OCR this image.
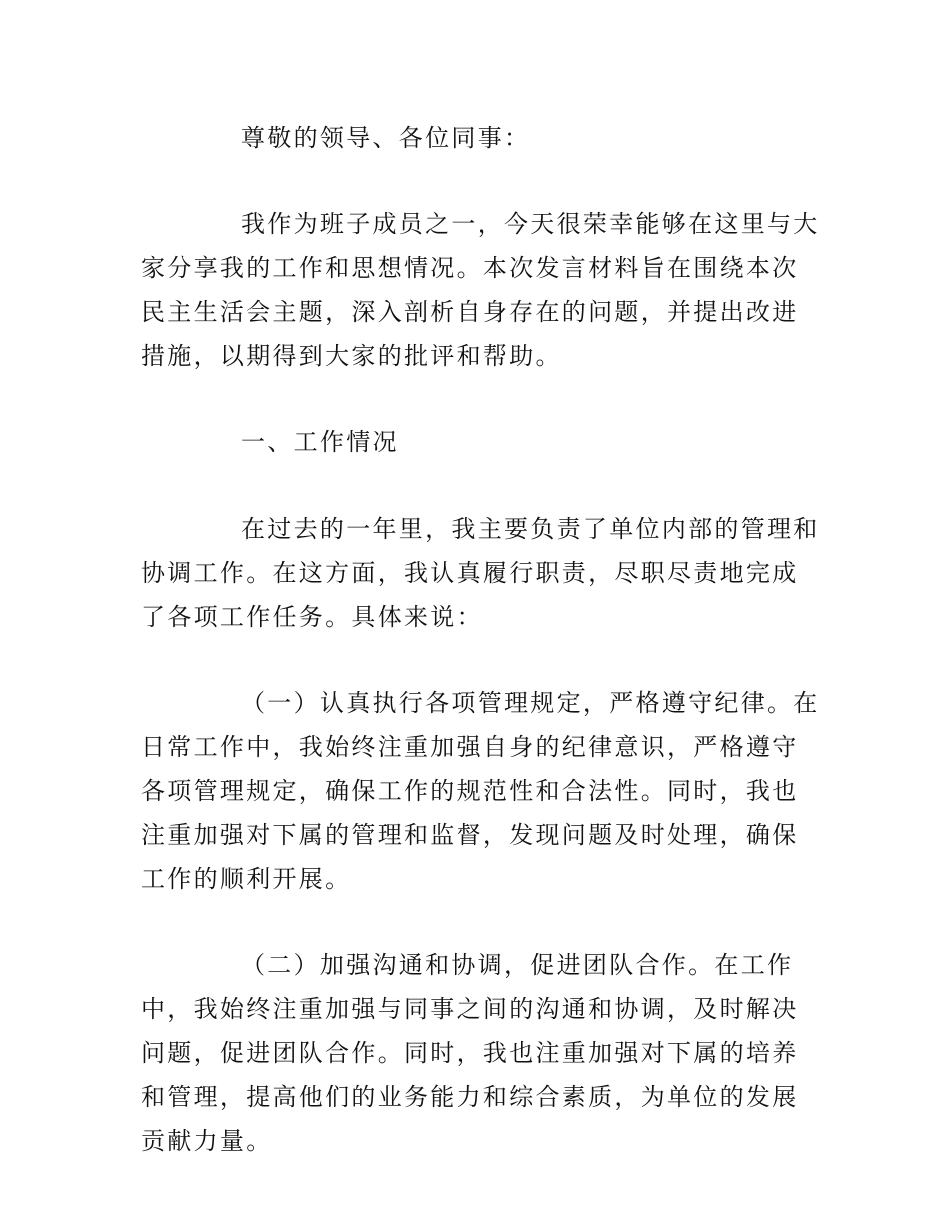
尊敬的领导、各位同事：

我作为班子成员之一，今天很荣幸能够在这里与大家分享我的工作和思想情况。本次发言材料旨在围绕本次民主生活会主题，深入剖析自身存在的问题，并提出改进措施，以期得到大家的批评和帮助。

一、工作情况

在过去的一年里，我主要负责了单位内部的管理和协调工作。在这方面，我认真履行职责，尽职尽责地完成了各项工作任务。具体来说：

（一）认真执行各项管理规定，严格遵守纪律。在日常工作中，我始终注重加强自身的纪律意识，严格遵守各项管理规定，确保工作的规范性和合法性。同时，我也注重加强对下属的管理和监督，发现问题及时处理，确保工作的顺利开展。

（二）加强沟通和协调，促进团队合作。在工作中，我始终注重加强与同事之间的沟通和协调，及时解决问题，促进团队合作。同时，我也注重加强对下属的培养和管理，提高他们的业务能力和综合素质，为单位的发展贡献力量。
